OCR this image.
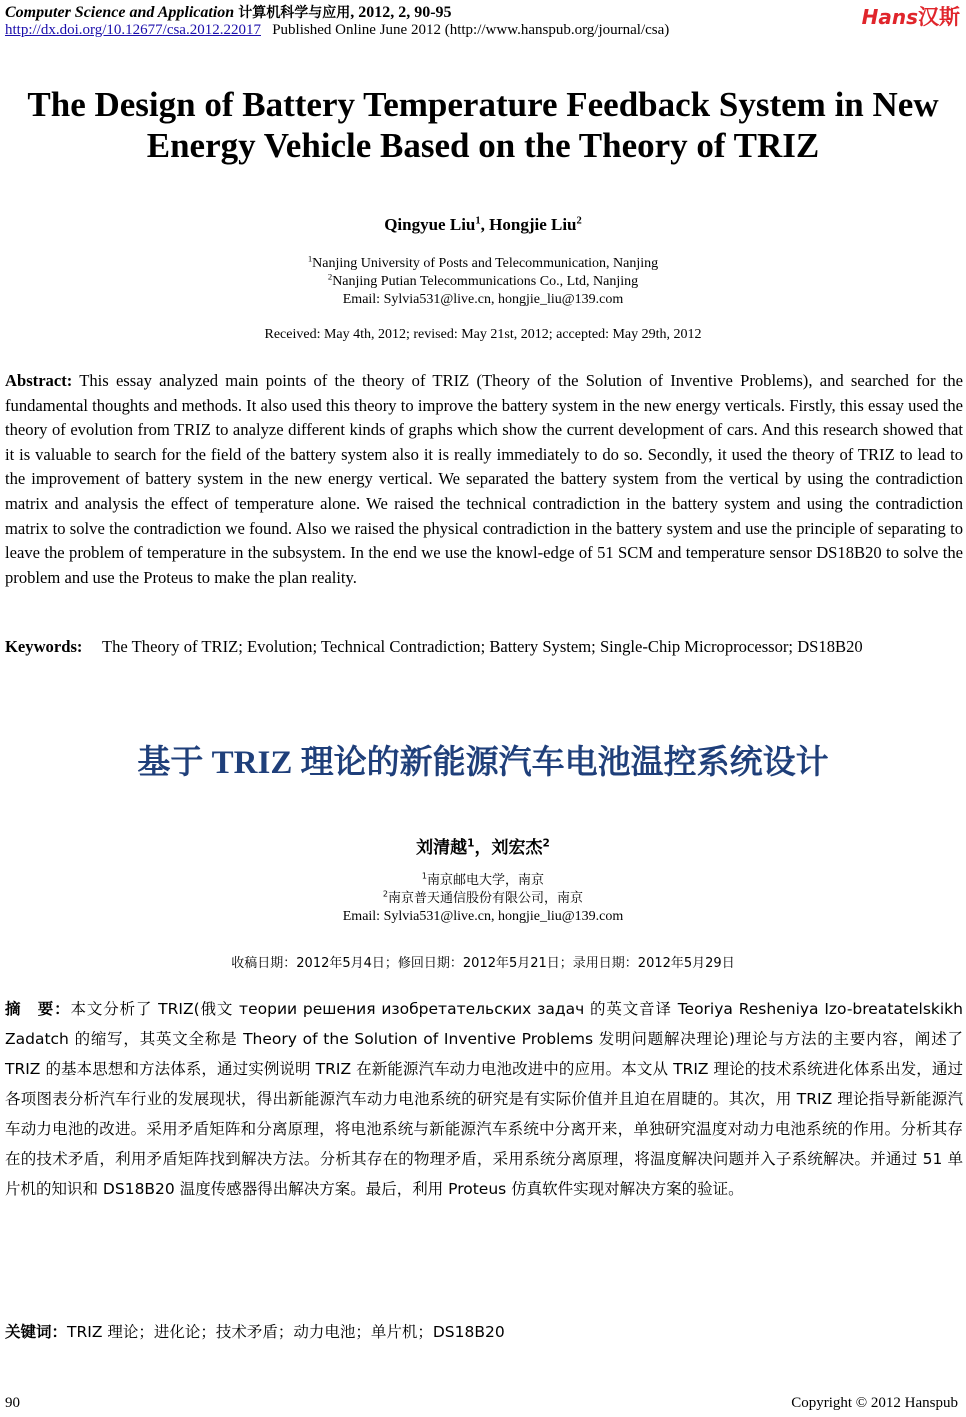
Computer Science and Application 计算机科学与应用, 2012, 2, 90-95
http://dx.doi.org/10.12677/csa.2012.22017 Published Online June 2012 (http://www.hanspub.org/journal/csa)
Hans汉斯
The Design of Battery Temperature Feedback System in New
Energy Vehicle Based on the Theory of TRIZ
Qingyue Liu$^1$, Hongjie Liu$^2$
$^1$Nanjing University of Posts and Telecommunication, Nanjing
$^2$Nanjing Putian Telecommunications Co., Ltd, Nanjing
Email: Sylvia531@live.cn, hongjie_liu@139.com
Received: May 4th, 2012; revised: May 21st, 2012; accepted: May 29th, 2012
Abstract: This essay analyzed main points of the theory of TRIZ (Theory of the Solution of Inventive Problems), and searched for the fundamental thoughts and methods. It also used this theory to improve the battery system in the new energy verticals. Firstly, this essay used the theory of evolution from TRIZ to analyze different kinds of graphs which show the current development of cars. And this research showed that it is valuable to search for the field of the battery system also it is really immediately to do so. Secondly, it used the theory of TRIZ to lead to the improvement of battery system in the new energy vertical. We separated the battery system from the vertical by using the contradiction matrix and analysis the effect of temperature alone. We raised the technical contradiction in the battery system and using the contradiction matrix to solve the contradiction we found. Also we raised the physical contradiction in the battery system and use the principle of separating to leave the problem of temperature in the subsystem. In the end we use the knowl-edge of 51 SCM and temperature sensor DS18B20 to solve the problem and use the Proteus to make the plan reality.
Keywords: The Theory of TRIZ; Evolution; Technical Contradiction; Battery System; Single-Chip Microprocessor; DS18B20
基于 TRIZ 理论的新能源汽车电池温控系统设计
刘清越$^1$，刘宏杰$^2$
$^1$南京邮电大学，南京
$^2$南京普天通信股份有限公司，南京
Email: Sylvia531@live.cn, hongjie_liu@139.com
收稿日期：2012年5月4日；修回日期：2012年5月21日；录用日期：2012年5月29日
摘　要：本文分析了 TRIZ(俄文 теории решения изобретательских задач 的英文音译 Teoriya Resheniya Izo-breatatelskikh Zadatch 的缩写，其英文全称是 Theory of the Solution of Inventive Problems 发明问题解决理论)理论与方法的主要内容，阐述了 TRIZ 的基本思想和方法体系，通过实例说明 TRIZ 在新能源汽车动力电池改进中的应用。本文从 TRIZ 理论的技术系统进化体系出发，通过各项图表分析汽车行业的发展现状，得出新能源汽车动力电池系统的研究是有实际价值并且迫在眉睫的。其次，用 TRIZ 理论指导新能源汽车动力电池的改进。采用矛盾矩阵和分离原理，将电池系统与新能源汽车系统中分离开来，单独研究温度对动力电池系统的作用。分析其存在的技术矛盾，利用矛盾矩阵找到解决方法。分析其存在的物理矛盾，采用系统分离原理，将温度解决问题并入子系统解决。并通过 51 单片机的知识和 DS18B20 温度传感器得出解决方案。最后，利用 Proteus 仿真软件实现对解决方案的验证。
关键词：TRIZ 理论；进化论；技术矛盾；动力电池；单片机；DS18B20
90	Copyright © 2012 Hanspub
